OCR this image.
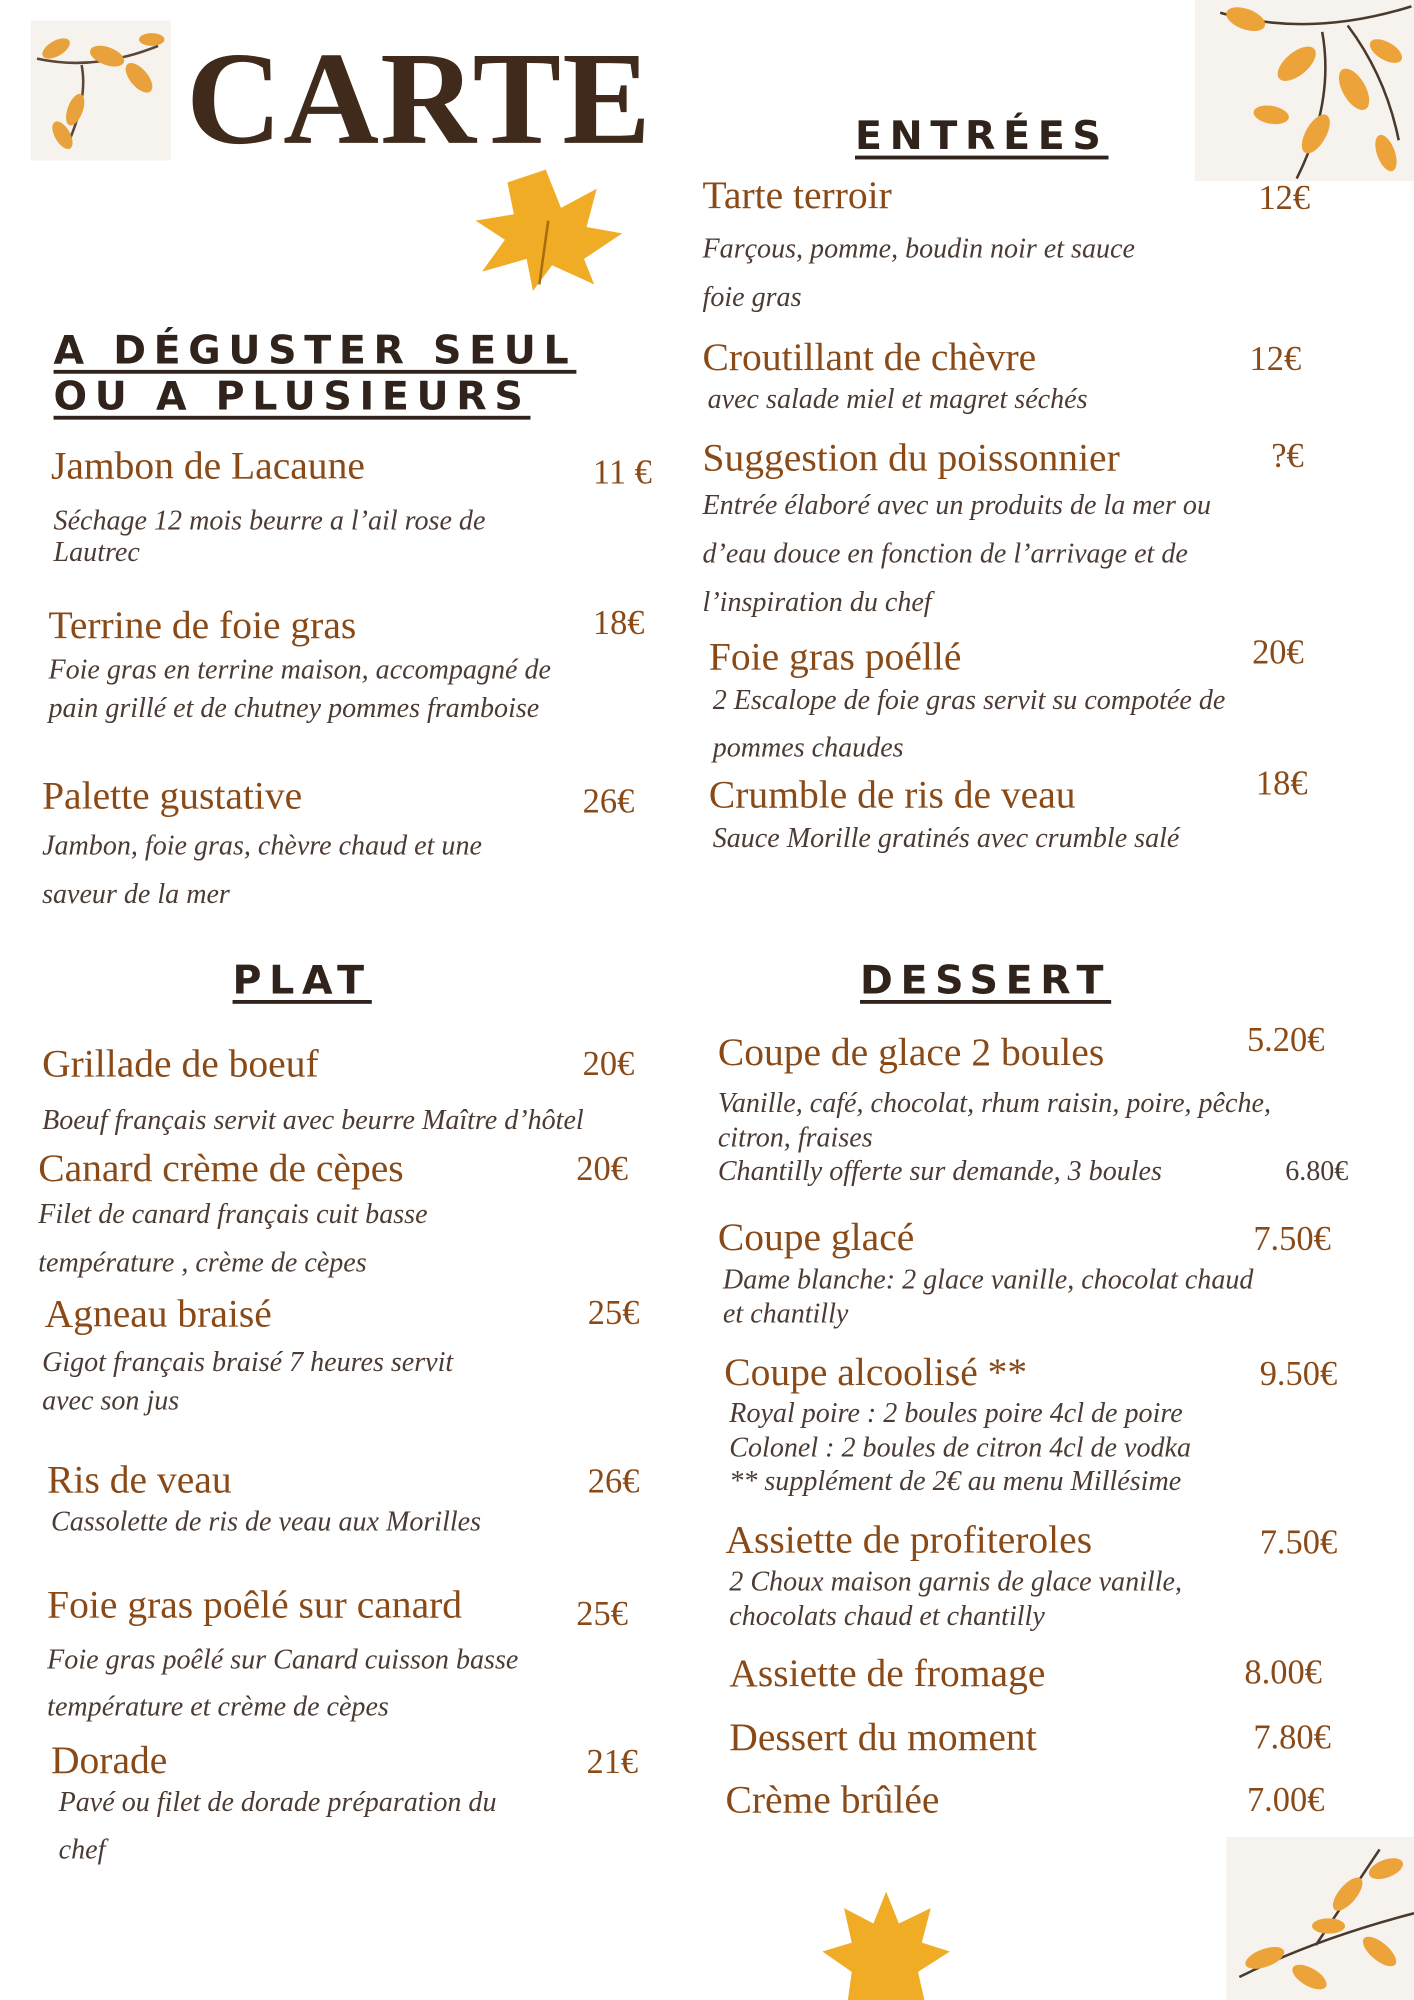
CARTE
A DÉGUSTER SEUL
OU A PLUSIEURS
Jambon de Lacaune	11 €
Séchage 12 mois beurre a l’ail rose de
Lautrec
Terrine de foie gras	18€
Foie gras en terrine maison, accompagné de
pain grillé et de chutney pommes framboise
Palette gustative	26€
Jambon, foie gras, chèvre chaud et une
saveur de la mer
ENTRÉES
Tarte terroir	12€
Farçous, pomme, boudin noir et sauce
foie gras
Croutillant de chèvre	12€
avec salade miel et magret séchés
Suggestion du poissonnier	?€
Entrée élaboré avec un produits de la mer ou
d’eau douce en fonction de l’arrivage et de
l’inspiration du chef
Foie gras poéllé	20€
2 Escalope de foie gras servit su compotée de
pommes chaudes
Crumble de ris de veau	18€
Sauce Morille gratinés avec crumble salé
PLAT
Grillade de boeuf	20€
Boeuf français servit avec beurre Maître d’hôtel
Canard crème de cèpes	20€
Filet de canard français cuit basse
température , crème de cèpes
Agneau braisé	25€
Gigot français braisé 7 heures servit
avec son jus
Ris de veau	26€
Cassolette de ris de veau aux Morilles
Foie gras poêlé sur canard	25€
Foie gras poêlé sur Canard cuisson basse
température et crème de cèpes
Dorade	21€
Pavé ou filet de dorade préparation du
chef
DESSERT
Coupe de glace 2 boules	5.20€
Vanille, café, chocolat, rhum raisin, poire, pêche,
citron, fraises
Chantilly offerte sur demande, 3 boules	6.80€
Coupe glacé	7.50€
Dame blanche: 2 glace vanille, chocolat chaud
et chantilly
Coupe alcoolisé **	9.50€
Royal poire : 2 boules poire 4cl de poire
Colonel : 2 boules de citron 4cl de vodka
** supplément de 2€ au menu Millésime
Assiette de profiteroles	7.50€
2 Choux maison garnis de glace vanille,
chocolats chaud et chantilly
Assiette de fromage	8.00€
Dessert du moment	7.80€
Crème brûlée	7.00€
